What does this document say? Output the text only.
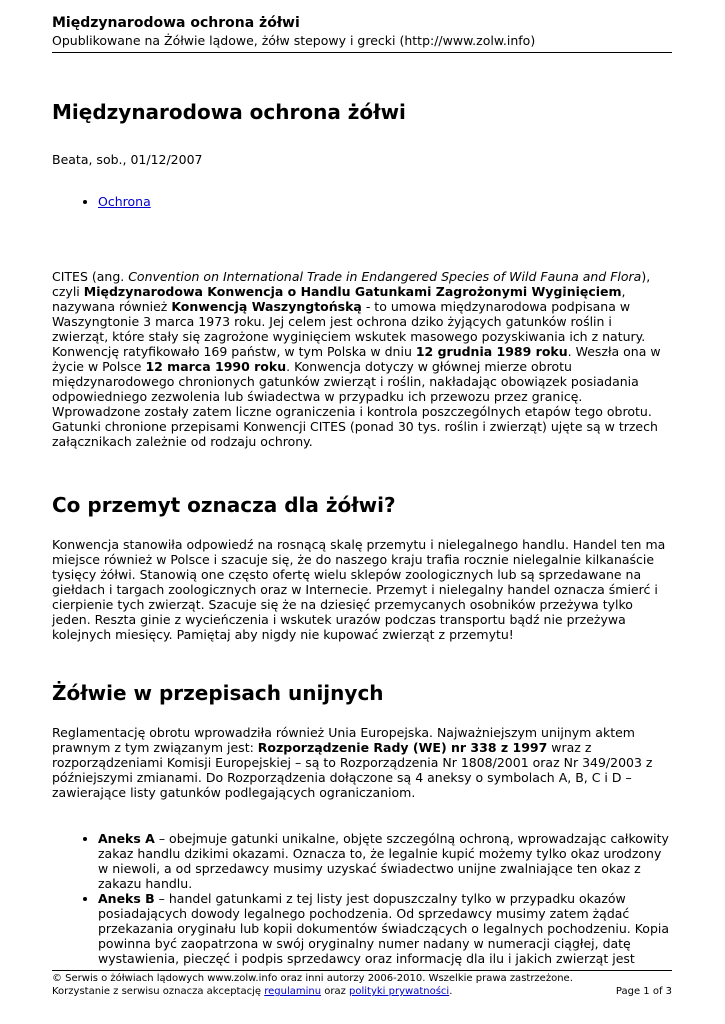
Międzynarodowa ochrona żółwi
Opublikowane na Żółwie lądowe, żółw stepowy i grecki (http://www.zolw.info)
Międzynarodowa ochrona żółwi

Beata, sob., 01/12/2007

• Ochrona

CITES (ang. Convention on International Trade in Endangered Species of Wild Fauna and Flora), czyli Międzynarodowa Konwencja o Handlu Gatunkami Zagrożonymi Wyginięciem, nazywana również Konwencją Waszyngtońską - to umowa międzynarodowa podpisana w Waszyngtonie 3 marca 1973 roku. Jej celem jest ochrona dziko żyjących gatunków roślin i zwierząt, które stały się zagrożone wyginięciem wskutek masowego pozyskiwania ich z natury. Konwencję ratyfikowało 169 państw, w tym Polska w dniu 12 grudnia 1989 roku. Weszła ona w życie w Polsce 12 marca 1990 roku. Konwencja dotyczy w głównej mierze obrotu międzynarodowego chronionych gatunków zwierząt i roślin, nakładając obowiązek posiadania odpowiedniego zezwolenia lub świadectwa w przypadku ich przewozu przez granicę. Wprowadzone zostały zatem liczne ograniczenia i kontrola poszczególnych etapów tego obrotu. Gatunki chronione przepisami Konwencji CITES (ponad 30 tys. roślin i zwierząt) ujęte są w trzech załącznikach zależnie od rodzaju ochrony.

Co przemyt oznacza dla żółwi?

Konwencja stanowiła odpowiedź na rosnącą skalę przemytu i nielegalnego handlu. Handel ten ma miejsce również w Polsce i szacuje się, że do naszego kraju trafia rocznie nielegalnie kilkanaście tysięcy żółwi. Stanowią one często ofertę wielu sklepów zoologicznych lub są sprzedawane na giełdach i targach zoologicznych oraz w Internecie. Przemyt i nielegalny handel oznacza śmierć i cierpienie tych zwierząt. Szacuje się że na dziesięć przemycanych osobników przeżywa tylko jeden. Reszta ginie z wycieńczenia i wskutek urazów podczas transportu bądź nie przeżywa kolejnych miesięcy. Pamiętaj aby nigdy nie kupować zwierząt z przemytu!

Żółwie w przepisach unijnych

Reglamentację obrotu wprowadziła również Unia Europejska. Najważniejszym unijnym aktem prawnym z tym związanym jest: Rozporządzenie Rady (WE) nr 338 z 1997 wraz z rozporządzeniami Komisji Europejskiej – są to Rozporządzenia Nr 1808/2001 oraz Nr 349/2003 z późniejszymi zmianami. Do Rozporządzenia dołączone są 4 aneksy o symbolach A, B, C i D – zawierające listy gatunków podlegających ograniczaniom.

• Aneks A – obejmuje gatunki unikalne, objęte szczególną ochroną, wprowadzając całkowity zakaz handlu dzikimi okazami. Oznacza to, że legalnie kupić możemy tylko okaz urodzony w niewoli, a od sprzedawcy musimy uzyskać świadectwo unijne zwalniające ten okaz z zakazu handlu.
• Aneks B – handel gatunkami z tej listy jest dopuszczalny tylko w przypadku okazów posiadających dowody legalnego pochodzenia. Od sprzedawcy musimy zatem żądać przekazania oryginału lub kopii dokumentów świadczących o legalnych pochodzeniu. Kopia powinna być zaopatrzona w swój oryginalny numer nadany w numeracji ciągłej, datę wystawienia, pieczęć i podpis sprzedawcy oraz informację dla ilu i jakich zwierząt jest
© Serwis o żółwiach lądowych www.zolw.info oraz inni autorzy 2006-2010. Wszelkie prawa zastrzeżone.
Korzystanie z serwisu oznacza akceptację regulaminu oraz polityki prywatności.	Page 1 of 3
